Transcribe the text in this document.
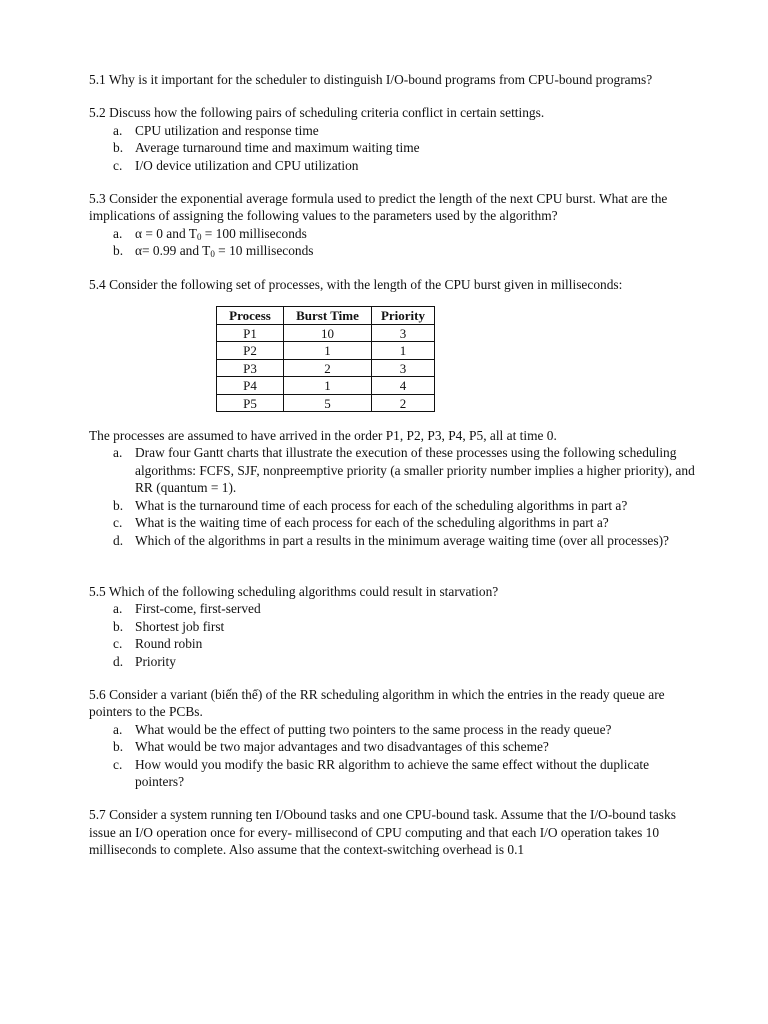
5.1 Why is it important for the scheduler to distinguish I/O-bound programs from CPU-bound programs?

5.2 Discuss how the following pairs of scheduling criteria conflict in certain settings.

a. CPU utilization and response time
b. Average turnaround time and maximum waiting time
c. I/O device utilization and CPU utilization

5.3 Consider the exponential average formula used to predict the length of the next CPU burst. What are the implications of assigning the following values to the parameters used by the algorithm?

a. α = 0 and $T_0 = 100$ milliseconds
b. α= 0.99 and $T_0 = 10$ milliseconds

5.4 Consider the following set of processes, with the length of the CPU burst given in milliseconds:

Process	Burst Time	Priority
P1	10	3
P2	1	1
P3	2	3
P4	1	4
P5	5	2

The processes are assumed to have arrived in the order P1, P2, P3, P4, P5, all at time 0.

a. Draw four Gantt charts that illustrate the execution of these processes using the following scheduling algorithms: FCFS, SJF, nonpreemptive priority (a smaller priority number implies a higher priority), and RR (quantum = 1).
b. What is the turnaround time of each process for each of the scheduling algorithms in part a?
c. What is the waiting time of each process for each of the scheduling algorithms in part a?
d. Which of the algorithms in part a results in the minimum average waiting time (over all processes)?

5.5 Which of the following scheduling algorithms could result in starvation?

a. First-come, first-served
b. Shortest job first
c. Round robin
d. Priority

5.6 Consider a variant (biến thể) of the RR scheduling algorithm in which the entries in the ready queue are pointers to the PCBs.

a. What would be the effect of putting two pointers to the same process in the ready queue?
b. What would be two major advantages and two disadvantages of this scheme?
c. How would you modify the basic RR algorithm to achieve the same effect without the duplicate pointers?

5.7 Consider a system running ten I/Obound tasks and one CPU-bound task. Assume that the I/O-bound tasks issue an I/O operation once for every- millisecond of CPU computing and that each I/O operation takes 10 milliseconds to complete. Also assume that the context-switching overhead is 0.1
